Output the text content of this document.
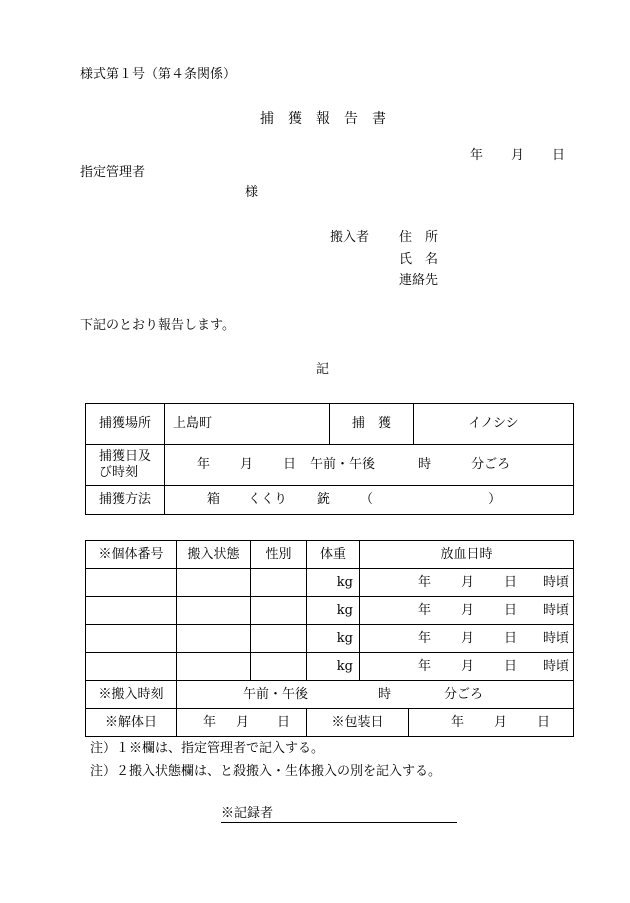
様式第１号（第４条関係）
捕　獲　報　告　書
年 月 日
指定管理者
様
搬入者 住　所
氏　名
連絡先
下記のとおり報告します。
記
捕獲場所	上島町	捕　獲	イノシシ
捕獲日及
び時刻	年 月 日 午前・午後 時 分ごろ		
捕獲方法	箱 くくり 銃 （ ）		
※個体番号	搬入状態	性別	体重	放血日時	
			kg	年 月 日 時頃	

			kg	年 月 日 時頃	

			kg	年 月 日 時頃	

			kg	年 月 日 時頃	

※搬入時刻	午前・午後 時 分ごろ				
※解体日	年 月 日		※包装日		年 月 日
注）１※欄は、指定管理者で記入する。
注）２搬入状態欄は、と殺搬入・生体搬入の別を記入する。
※記録者
